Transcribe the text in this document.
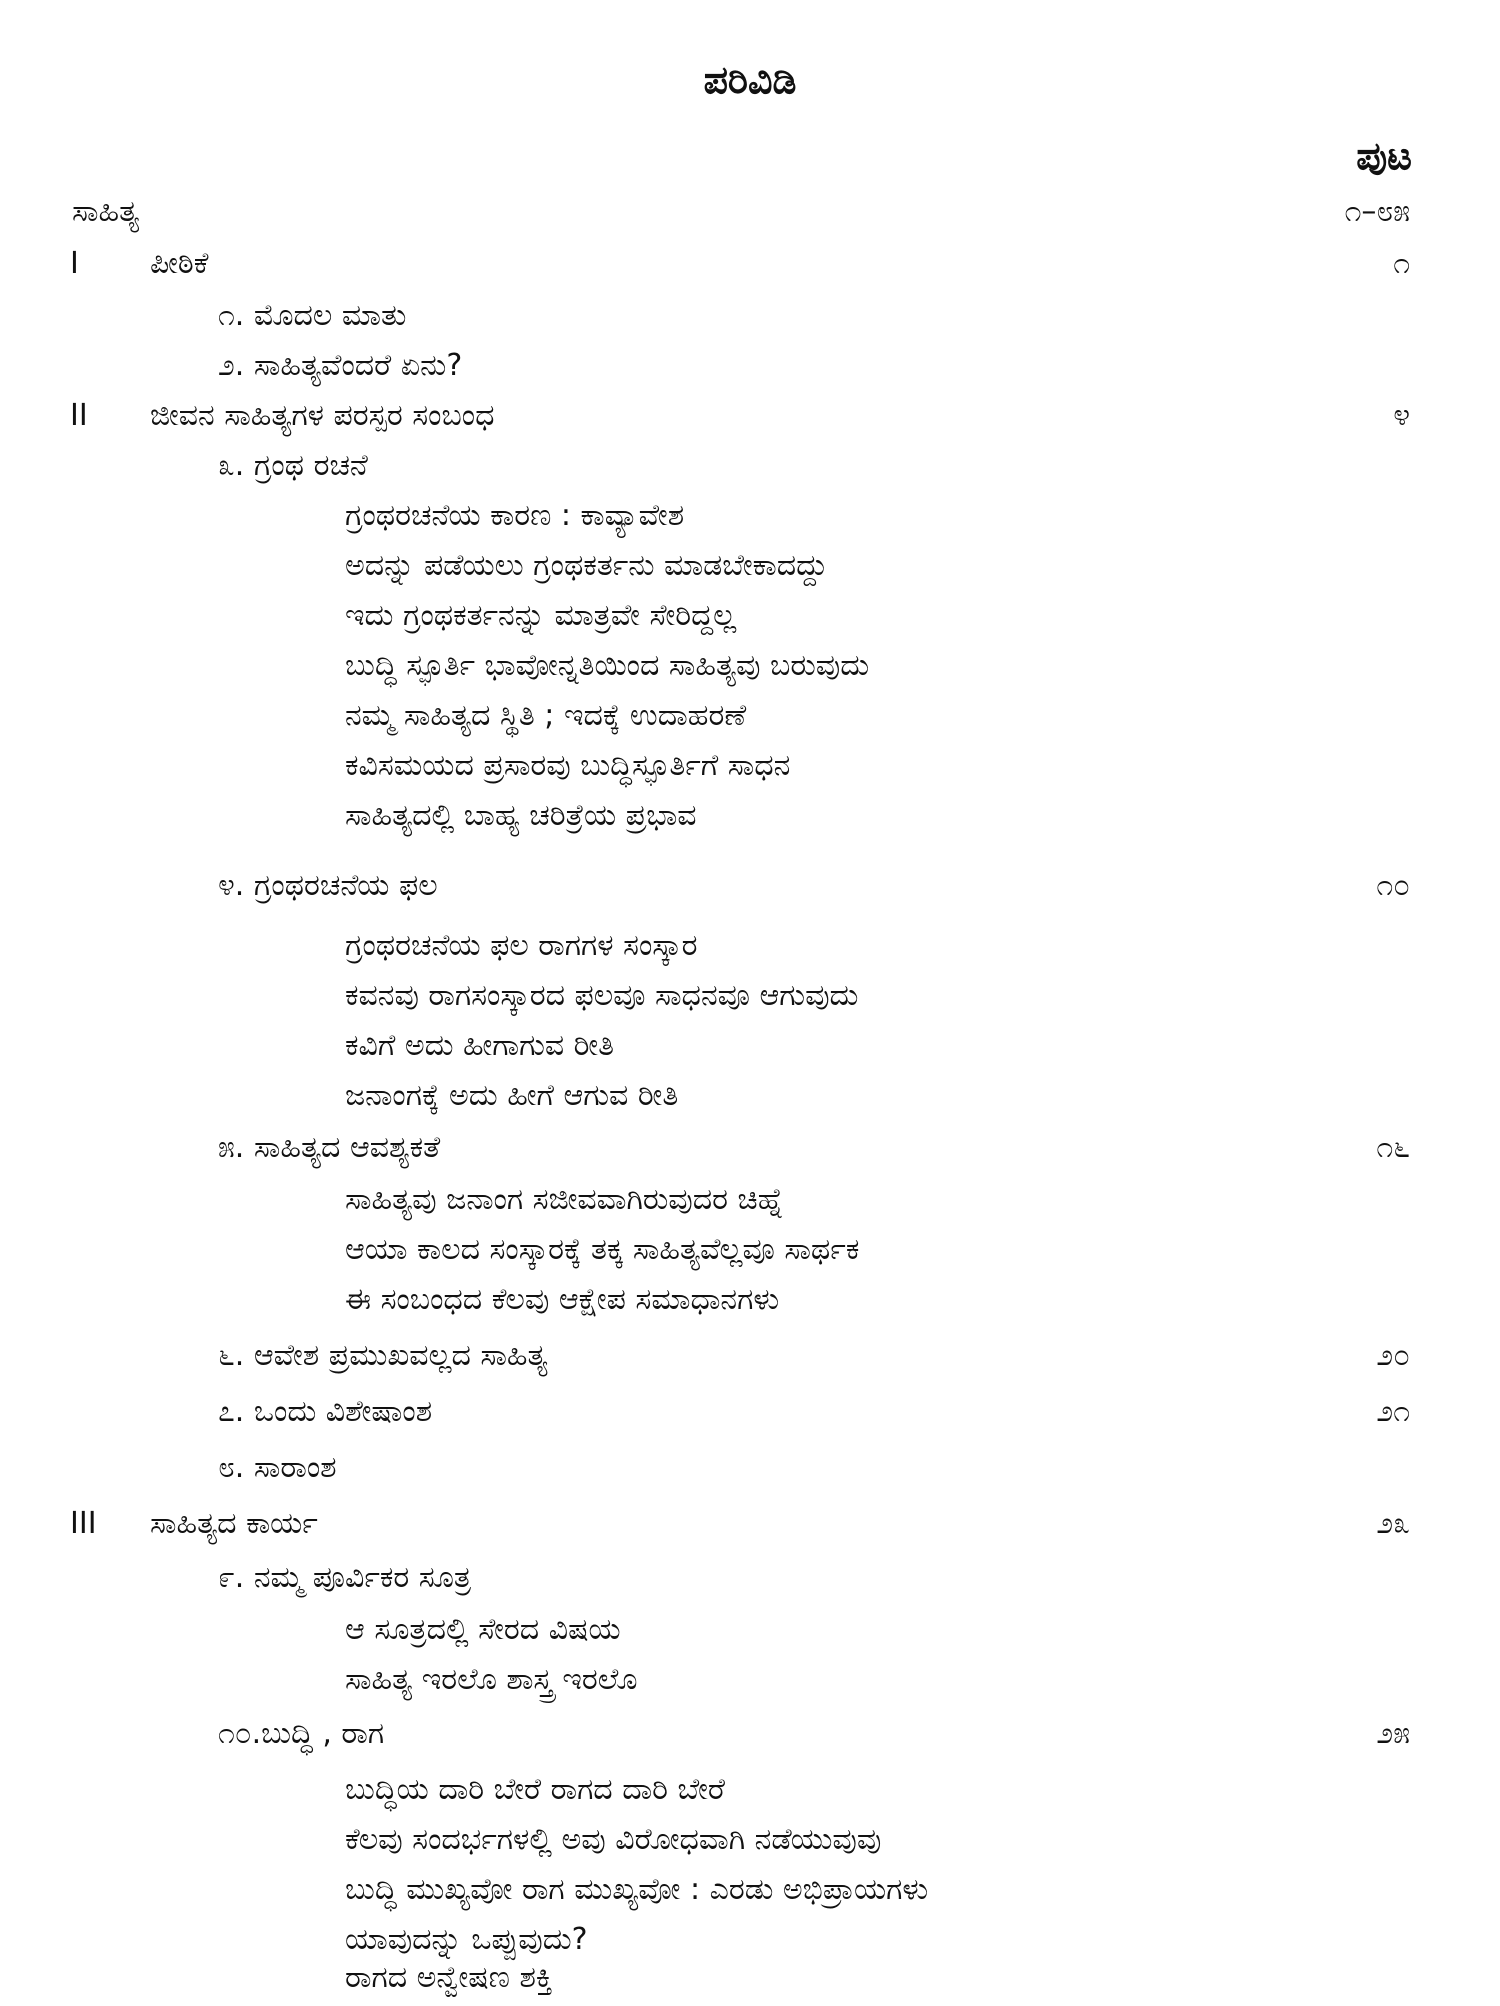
ಪರಿವಿಡಿ
ಪುಟ
ಸಾಹಿತ್ಯ	೧–೮೫
I ಪೀಠಿಕೆ	೧
೧. ಮೊದಲ ಮಾತು
೨. ಸಾಹಿತ್ಯವೆಂದರೆ ಏನು?
II ಜೀವನ ಸಾಹಿತ್ಯಗಳ ಪರಸ್ಪರ ಸಂಬಂಧ	೪
೩. ಗ್ರಂಥ ರಚನೆ
ಗ್ರಂಥರಚನೆಯ ಕಾರಣ : ಕಾವ್ಯಾವೇಶ
ಅದನ್ನು ಪಡೆಯಲು ಗ್ರಂಥಕರ್ತನು ಮಾಡಬೇಕಾದದ್ದು
ಇದು ಗ್ರಂಥಕರ್ತನನ್ನು ಮಾತ್ರವೇ ಸೇರಿದ್ದಲ್ಲ
ಬುದ್ಧಿ ಸ್ಫೂರ್ತಿ ಭಾವೋನ್ನತಿಯಿಂದ ಸಾಹಿತ್ಯವು ಬರುವುದು
ನಮ್ಮ ಸಾಹಿತ್ಯದ ಸ್ಥಿತಿ ; ಇದಕ್ಕೆ ಉದಾಹರಣೆ
ಕವಿಸಮಯದ ಪ್ರಸಾರವು ಬುದ್ಧಿಸ್ಫೂರ್ತಿಗೆ ಸಾಧನ
ಸಾಹಿತ್ಯದಲ್ಲಿ ಬಾಹ್ಯ ಚರಿತ್ರೆಯ ಪ್ರಭಾವ
೪. ಗ್ರಂಥರಚನೆಯ ಫಲ	೧೦
ಗ್ರಂಥರಚನೆಯ ಫಲ ರಾಗಗಳ ಸಂಸ್ಕಾರ
ಕವನವು ರಾಗಸಂಸ್ಕಾರದ ಫಲವೂ ಸಾಧನವೂ ಆಗುವುದು
ಕವಿಗೆ ಅದು ಹೀಗಾಗುವ ರೀತಿ
ಜನಾಂಗಕ್ಕೆ ಅದು ಹೀಗೆ ಆಗುವ ರೀತಿ
೫. ಸಾಹಿತ್ಯದ ಆವಶ್ಯಕತೆ	೧೬
ಸಾಹಿತ್ಯವು ಜನಾಂಗ ಸಜೀವವಾಗಿರುವುದರ ಚಿಹ್ನೆ
ಆಯಾ ಕಾಲದ ಸಂಸ್ಕಾರಕ್ಕೆ ತಕ್ಕ ಸಾಹಿತ್ಯವೆಲ್ಲವೂ ಸಾರ್ಥಕ
ಈ ಸಂಬಂಧದ ಕೆಲವು ಆಕ್ಷೇಪ ಸಮಾಧಾನಗಳು
೬. ಆವೇಶ ಪ್ರಮುಖವಲ್ಲದ ಸಾಹಿತ್ಯ	೨೦
೭. ಒಂದು ವಿಶೇಷಾಂಶ	೨೧
೮. ಸಾರಾಂಶ
III ಸಾಹಿತ್ಯದ ಕಾರ್ಯ	೨೩
೯. ನಮ್ಮ ಪೂರ್ವಿಕರ ಸೂತ್ರ
ಆ ಸೂತ್ರದಲ್ಲಿ ಸೇರದ ವಿಷಯ
ಸಾಹಿತ್ಯ ಇರಲೊ ಶಾಸ್ತ್ರ ಇರಲೊ
೧೦.ಬುದ್ಧಿ , ರಾಗ	೨೫
ಬುದ್ಧಿಯ ದಾರಿ ಬೇರೆ ರಾಗದ ದಾರಿ ಬೇರೆ
ಕೆಲವು ಸಂದರ್ಭಗಳಲ್ಲಿ ಅವು ವಿರೋಧವಾಗಿ ನಡೆಯುವುವು
ಬುದ್ಧಿ ಮುಖ್ಯವೋ ರಾಗ ಮುಖ್ಯವೋ : ಎರಡು ಅಭಿಪ್ರಾಯಗಳು
ಯಾವುದನ್ನು ಒಪ್ಪುವುದು?
ರಾಗದ ಅನ್ವೇಷಣ ಶಕ್ತಿ
